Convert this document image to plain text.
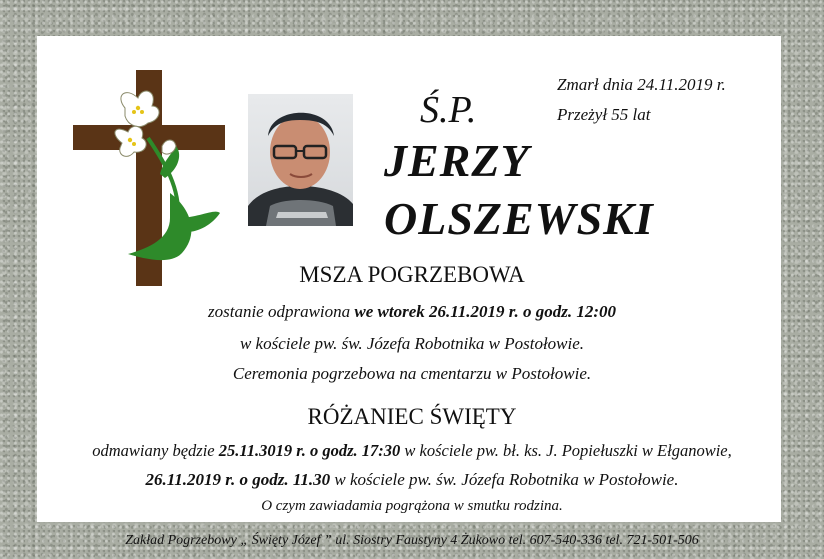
Ś.P.
Zmarł dnia 24.11.2019 r.
Przeżył 55 lat
JERZY
OLSZEWSKI
MSZA POGRZEBOWA
zostanie odprawiona we wtorek 26.11.2019 r. o godz. 12:00
w kościele pw. św. Józefa Robotnika w Postołowie.
Ceremonia pogrzebowa na cmentarzu w Postołowie.
RÓŻANIEC ŚWIĘTY
odmawiany będzie 25.11.3019 r. o godz. 17:30 w kościele pw. bł. ks. J. Popiełuszki w Ełganowie,
26.11.2019 r. o godz. 11.30 w kościele pw. św. Józefa Robotnika w Postołowie.
O czym zawiadamia pogrążona w smutku rodzina.
Zakład Pogrzebowy „ Święty Józef ” ul. Siostry Faustyny 4 Żukowo tel. 607-540-336 tel. 721-501-506
